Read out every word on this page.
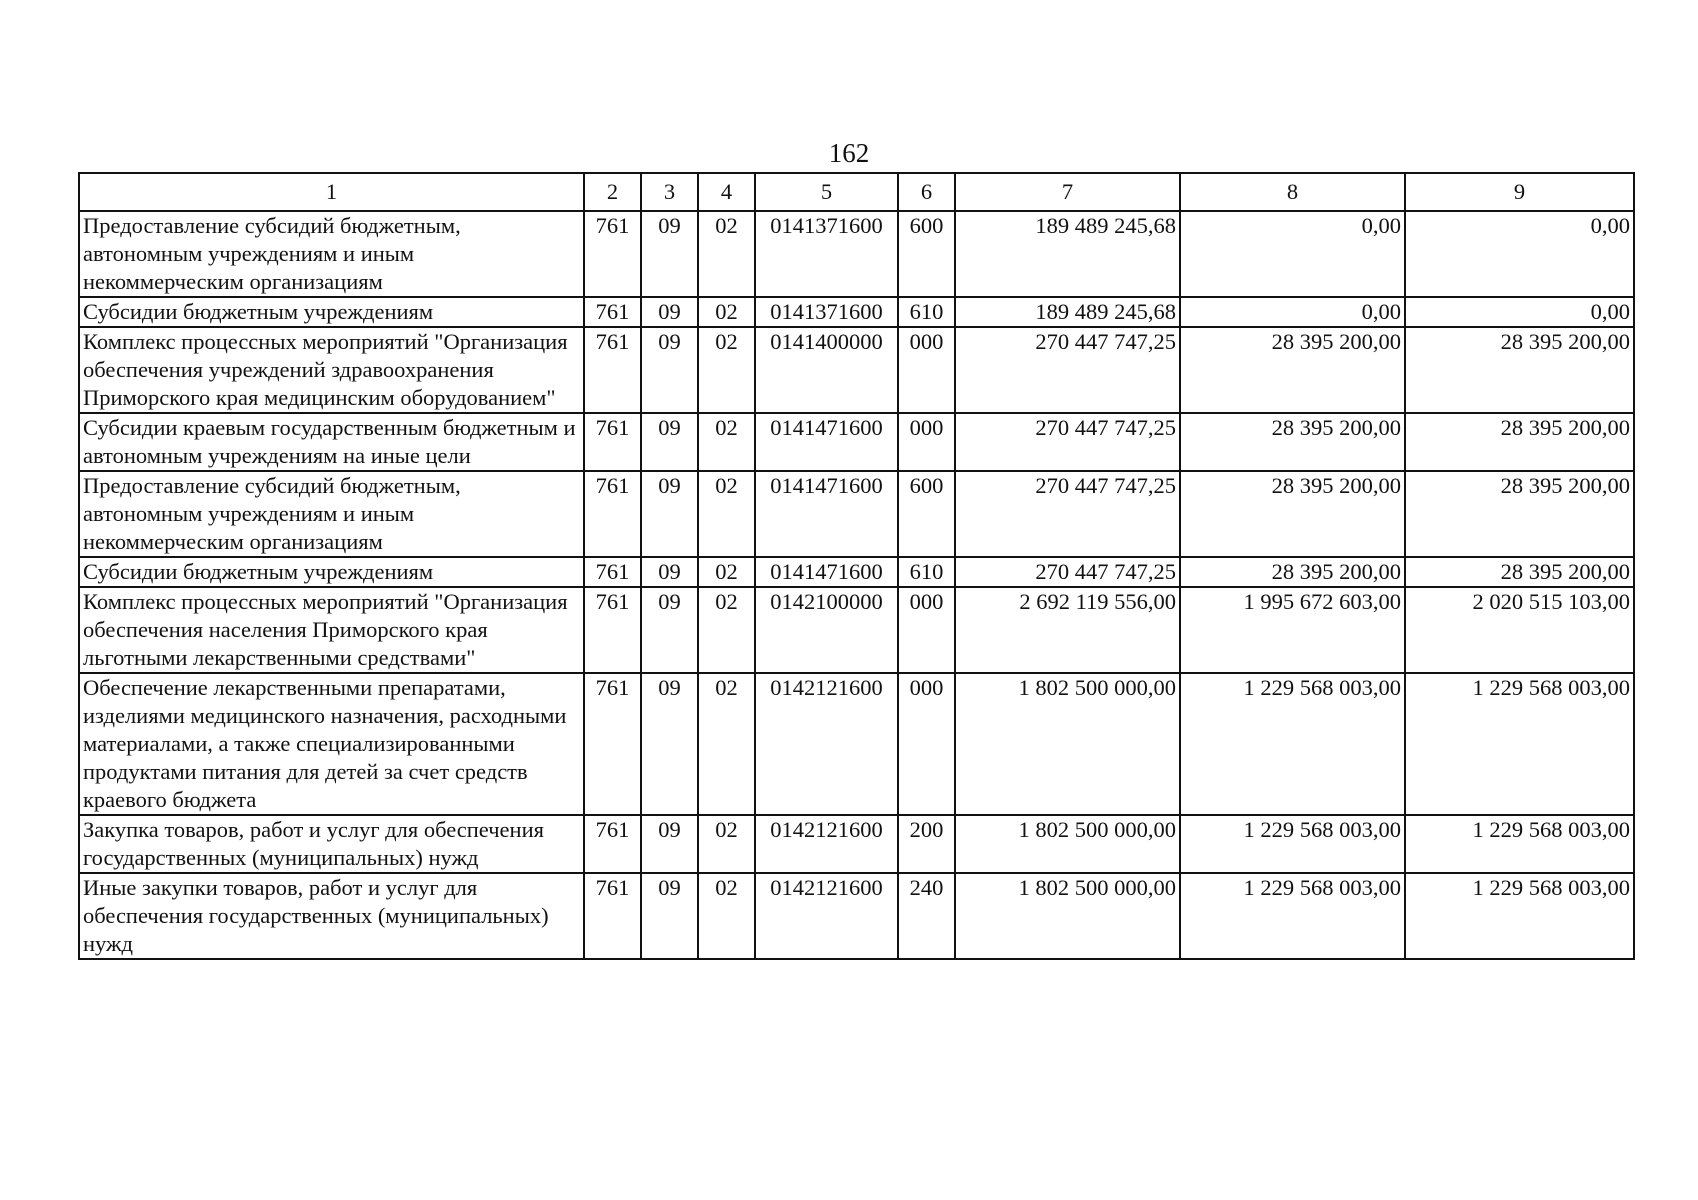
162
1	2	3	4	5	6	7	8	9
Предоставление субсидий бюджетным, автономным учреждениям и иным некоммерческим организациям	761	09	02	0141371600	600	189 489 245,68	0,00	0,00
Субсидии бюджетным учреждениям	761	09	02	0141371600	610	189 489 245,68	0,00	0,00
Комплекс процессных мероприятий "Организация обеспечения учреждений здравоохранения Приморского края медицинским оборудованием"	761	09	02	0141400000	000	270 447 747,25	28 395 200,00	28 395 200,00
Субсидии краевым государственным бюджетным и автономным учреждениям на иные цели	761	09	02	0141471600	000	270 447 747,25	28 395 200,00	28 395 200,00
Предоставление субсидий бюджетным, автономным учреждениям и иным некоммерческим организациям	761	09	02	0141471600	600	270 447 747,25	28 395 200,00	28 395 200,00
Субсидии бюджетным учреждениям	761	09	02	0141471600	610	270 447 747,25	28 395 200,00	28 395 200,00
Комплекс процессных мероприятий "Организация обеспечения населения Приморского края льготными лекарственными средствами"	761	09	02	0142100000	000	2 692 119 556,00	1 995 672 603,00	2 020 515 103,00
Обеспечение лекарственными препаратами, изделиями медицинского назначения, расходными материалами, а также специализированными продуктами питания для детей за счет средств краевого бюджета	761	09	02	0142121600	000	1 802 500 000,00	1 229 568 003,00	1 229 568 003,00
Закупка товаров, работ и услуг для обеспечения государственных (муниципальных) нужд	761	09	02	0142121600	200	1 802 500 000,00	1 229 568 003,00	1 229 568 003,00
Иные закупки товаров, работ и услуг для обеспечения государственных (муниципальных) нужд	761	09	02	0142121600	240	1 802 500 000,00	1 229 568 003,00	1 229 568 003,00
